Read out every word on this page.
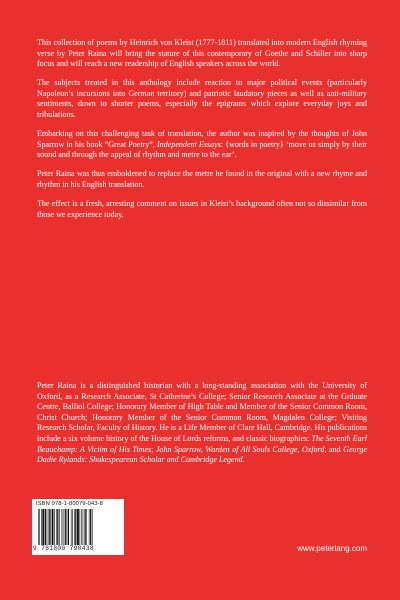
This collection of poems by Heinrich von Kleist (1777-1811) translated into modern English rhyming verse by Peter Raina will bring the stature of this contemporary of Goethe and Schiller into sharp focus and will reach a new readership of English speakers across the world.

The subjects treated in this anthology include reaction to major political events (particularly Napoleon’s incursions into German territory) and patriotic laudatory pieces as well as anti-military sentiments, down to shorter poems, especially the epigrams which explore everyday joys and tribulations.

Embarking on this challenging task of translation, the author was inspired by the thoughts of John Sparrow in his book “Great Poetry”, Independent Essays: {words in poetry} ‘move us simply by their sound and through the appeal of rhythm and metre to the ear’.

Peter Raina was thus emboldened to replace the metre he found in the original with a new rhyme and rhythm in his English translation.

The effect is a fresh, arresting comment on issues in Kleist’s background often not so dissimilar from those we experience today.

Peter Raina is a distinguished historian with a long-standing association with the University of Oxford, as a Research Associate, St Catherine’s College; Senior Research Associate at the Grduate Centre, Balliol College; Honorary Member of High Table and Member of the Senior Common Room, Christ Church; Honorary Member of the Senior Common Room, Magdalen College; Visiting Research Scholar, Faculty of History. He is a Life Member of Clare Hall, Cambridge. His publications include a six volume history of the House of Lords reforms, and classic biographies: The Seventh Earl Beauchamp: A Victim of His Times; John Sparrow, Warden of All Souls College, Oxford; and George Dadie Rylands: Shakespearean Scholar and Cambridge Legend.

ISBN 978-1-80079-043-8
9 781800 790438	www.peterlang.com
